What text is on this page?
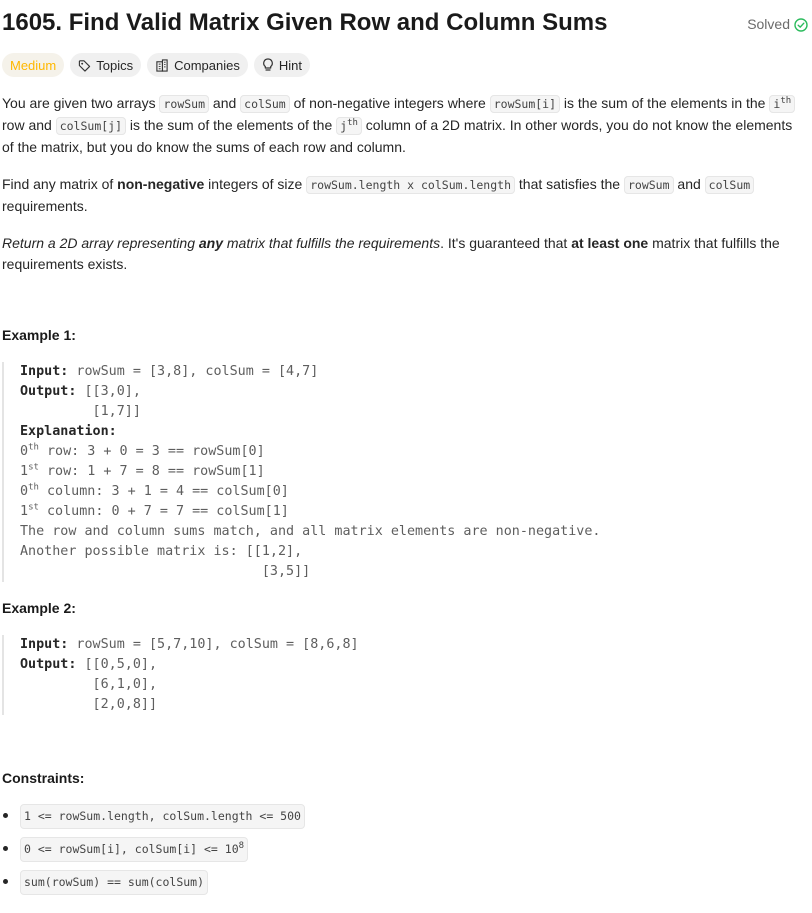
1605. Find Valid Matrix Given Row and Column Sums	Solved
Medium	Topics	Companies	Hint

You are given two arrays rowSum and colSum of non-negative integers where rowSum[i] is the sum of the elements in the $i^{th}$ row and colSum[j] is the sum of the elements of the $j^{th}$ column of a 2D matrix. In other words, you do not know the elements of the matrix, but you do know the sums of each row and column.

Find any matrix of non-negative integers of size rowSum.length x colSum.length that satisfies the rowSum and colSum requirements.

Return a 2D array representing any matrix that fulfills the requirements. It's guaranteed that at least one matrix that fulfills the requirements exists.

Example 1:
Input: rowSum = [3,8], colSum = [4,7]
Output: [[3,0],
[1,7]]
Explanation:
0th row: 3 + 0 = 3 == rowSum[0]
1st row: 1 + 7 = 8 == rowSum[1]
0th column: 3 + 1 = 4 == colSum[0]
1st column: 0 + 7 = 7 == colSum[1]
The row and column sums match, and all matrix elements are non-negative.
Another possible matrix is: [[1,2],
[3,5]]
Example 2:
Input: rowSum = [5,7,10], colSum = [8,6,8]
Output: [[0,5,0],
[6,1,0],
[2,0,8]]
Constraints:
1 <= rowSum.length, colSum.length <= 500
0 <= rowSum[i], colSum[i] <= $10^8$
sum(rowSum) == sum(colSum)
